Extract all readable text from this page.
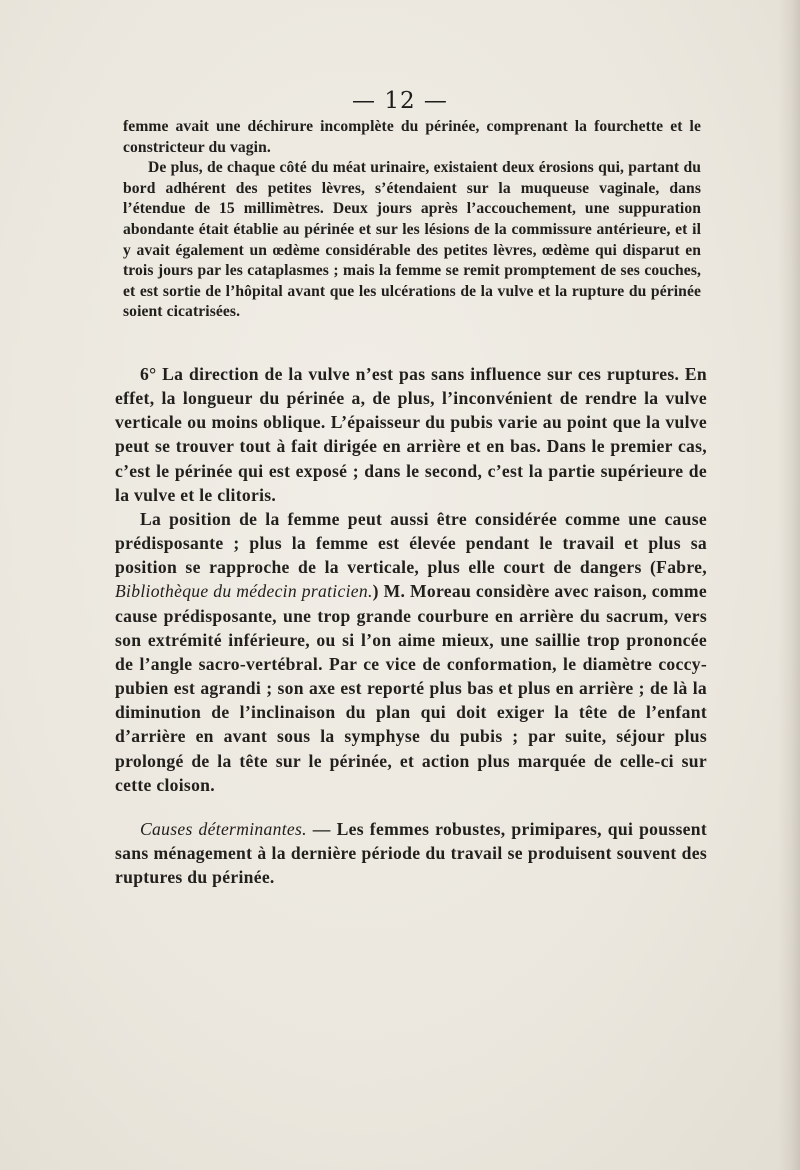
— 12 —

femme avait une déchirure incomplète du périnée, comprenant la fourchette et le constricteur du vagin.

De plus, de chaque côté du méat urinaire, existaient deux érosions qui, partant du bord adhérent des petites lèvres, s’étendaient sur la muqueuse vaginale, dans l’étendue de 15 millimètres. Deux jours après l’accouchement, une suppuration abondante était établie au périnée et sur les lésions de la commissure antérieure, et il y avait également un œdème considérable des petites lèvres, œdème qui disparut en trois jours par les cataplasmes ; mais la femme se remit promptement de ses couches, et est sortie de l’hôpital avant que les ulcérations de la vulve et la rupture du périnée soient cicatrisées.

6° La direction de la vulve n’est pas sans influence sur ces ruptures. En effet, la longueur du périnée a, de plus, l’inconvénient de rendre la vulve verticale ou moins oblique. L’épaisseur du pubis varie au point que la vulve peut se trouver tout à fait dirigée en arrière et en bas. Dans le premier cas, c’est le périnée qui est exposé ; dans le second, c’est la partie supérieure de la vulve et le clitoris.

La position de la femme peut aussi être considérée comme une cause prédisposante ; plus la femme est élevée pendant le travail et plus sa position se rapproche de la verticale, plus elle court de dangers (Fabre, Bibliothèque du médecin praticien.) M. Moreau considère avec raison, comme cause prédisposante, une trop grande courbure en arrière du sacrum, vers son extrémité inférieure, ou si l’on aime mieux, une saillie trop prononcée de l’angle sacro-vertébral. Par ce vice de conformation, le diamètre coccy-pubien est agrandi ; son axe est reporté plus bas et plus en arrière ; de là la diminution de l’inclinaison du plan qui doit exiger la tête de l’enfant d’arrière en avant sous la symphyse du pubis ; par suite, séjour plus prolongé de la tête sur le périnée, et action plus marquée de celle-ci sur cette cloison.

Causes déterminantes. — Les femmes robustes, primipares, qui poussent sans ménagement à la dernière période du travail se produisent souvent des ruptures du périnée.
